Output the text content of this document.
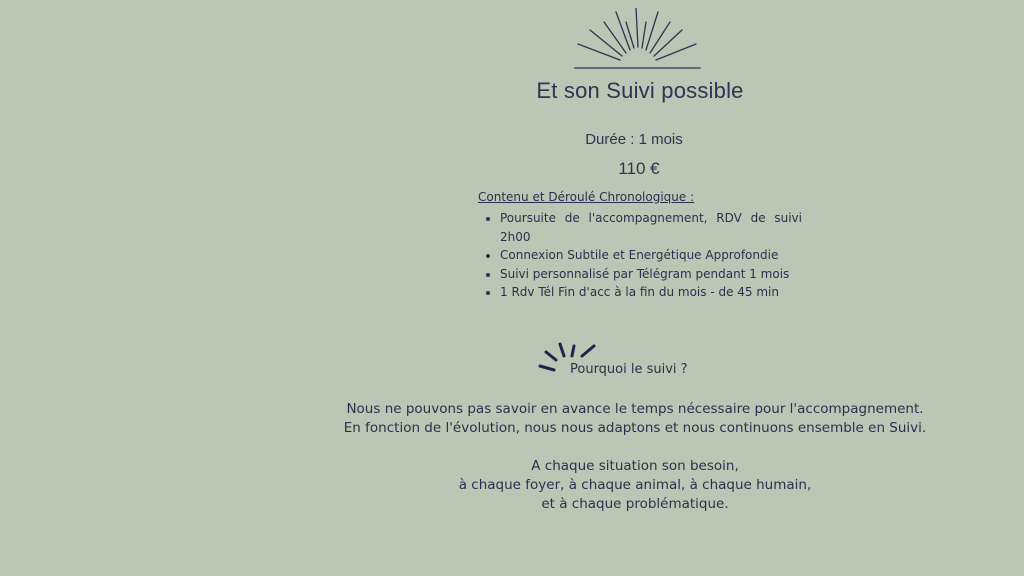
Et son Suivi possible
Durée : 1 mois
110 €
Contenu et Déroulé Chronologique :
• Poursuite de l'accompagnement, RDV de suivi 2h00
• Connexion Subtile et Energétique Approfondie
• Suivi personnalisé par Télégram pendant 1 mois
• 1 Rdv Tél Fin d'acc à la fin du mois - de 45 min
Pourquoi le suivi ?

Nous ne pouvons pas savoir en avance le temps nécessaire pour l'accompagnement.

En fonction de l'évolution, nous nous adaptons et nous continuons ensemble en Suivi.

A chaque situation son besoin,

à chaque foyer, à chaque animal, à chaque humain,

et à chaque problématique.
